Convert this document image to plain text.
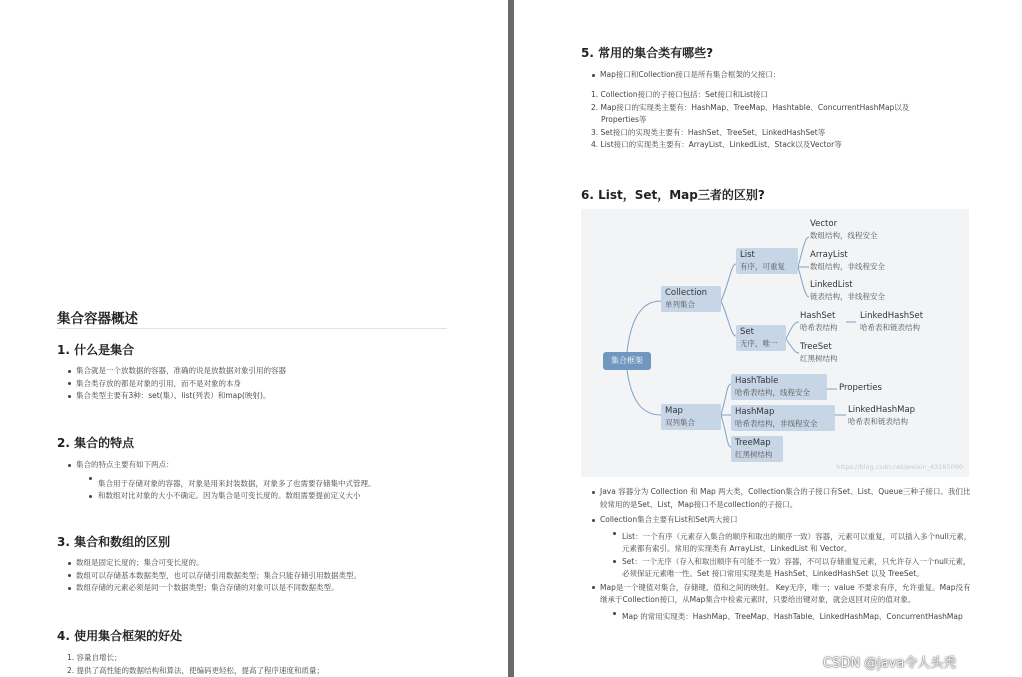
集合容器概述
1. 什么是集合
集合就是一个放数据的容器，准确的说是放数据对象引用的容器
集合类存放的都是对象的引用，而不是对象的本身
集合类型主要有3种：set(集）、list(列表）和map(映射)。
2. 集合的特点
集合的特点主要有如下两点：
集合用于存储对象的容器，对象是用来封装数据，对象多了也需要存储集中式管理。
和数组对比对象的大小不确定。因为集合是可变长度的。数组需要提前定义大小
3. 集合和数组的区别
数组是固定长度的；集合可变长度的。
数组可以存储基本数据类型，也可以存储引用数据类型；集合只能存储引用数据类型。
数组存储的元素必须是同一个数据类型；集合存储的对象可以是不同数据类型。
4. 使用集合框架的好处
1. 容量自增长；
2. 提供了高性能的数据结构和算法，使编码更轻松，提高了程序速度和质量；
5. 常用的集合类有哪些?
Map接口和Collection接口是所有集合框架的父接口：
1. Collection接口的子接口包括：Set接口和List接口
2. Map接口的实现类主要有：HashMap、TreeMap、Hashtable、ConcurrentHashMap以及
Properties等
3. Set接口的实现类主要有：HashSet、TreeSet、LinkedHashSet等
4. List接口的实现类主要有：ArrayList、LinkedList、Stack以及Vector等
6. List，Set，Map三者的区别?
集合框架
Collection
单列集合
List
有序，可重复
Vector
数组结构，线程安全
ArrayList
数组结构，非线程安全
LinkedList
链表结构，非线程安全
Set
无序，唯一
HashSet
哈希表结构
LinkedHashSet
哈希表和链表结构
TreeSet
红黑树结构
Map
双列集合
HashTable
哈希表结构，线程安全	Properties
HashMap
哈希表结构，非线程安全
LinkedHashMap
哈希表和链表结构
TreeMap
红黑树结构
https://blog.csdn.net/weixin_43185090
Java 容器分为 Collection 和 Map 两大类，Collection集合的子接口有Set、List、Queue三种子接口。我们比较常用的是Set、List，Map接口不是collection的子接口。
Collection集合主要有List和Set两大接口
List：一个有序（元素存入集合的顺序和取出的顺序一致）容器，元素可以重复，可以插入多个null元素，元素都有索引。常用的实现类有 ArrayList、LinkedList 和 Vector。
Set：一个无序（存入和取出顺序有可能不一致）容器，不可以存储重复元素，只允许存入一个null元素，必须保证元素唯一性。Set 接口常用实现类是 HashSet、LinkedHashSet 以及 TreeSet。
Map是一个键值对集合，存储键、值和之间的映射。 Key无序，唯一；value 不要求有序，允许重复。Map没有继承于Collection接口，从Map集合中检索元素时，只要给出键对象，就会返回对应的值对象。
Map 的常用实现类：HashMap、TreeMap、HashTable、LinkedHashMap、ConcurrentHashMap
CSDN @java令人头秃
